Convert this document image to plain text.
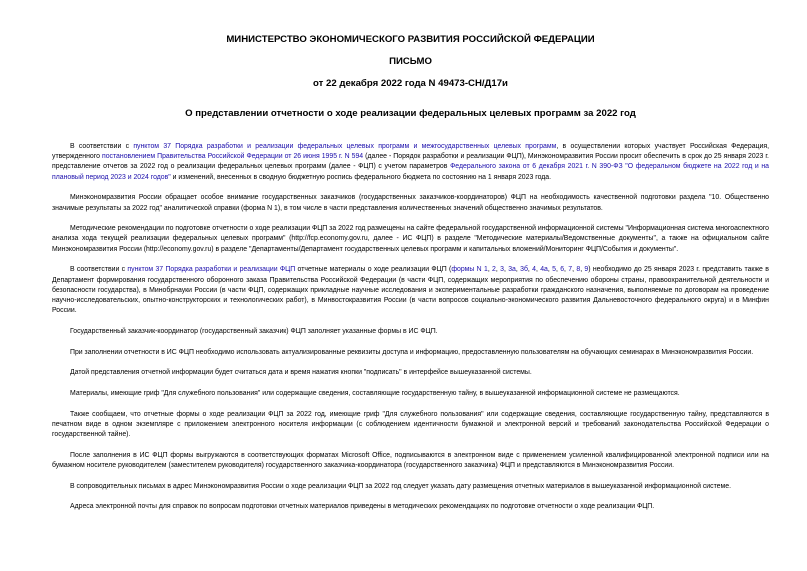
МИНИСТЕРСТВО ЭКОНОМИЧЕСКОГО РАЗВИТИЯ РОССИЙСКОЙ ФЕДЕРАЦИИ
ПИСЬМО
от 22 декабря 2022 года N 49473-СН/Д17и
О представлении отчетности о ходе реализации федеральных целевых программ за 2022 год

В соответствии с пунктом 37 Порядка разработки и реализации федеральных целевых программ и межгосударственных целевых программ, в осуществлении которых участвует Российская Федерация, утвержденного постановлением Правительства Российской Федерации от 26 июня 1995 г. N 594 (далее - Порядок разработки и реализации ФЦП), Минэкономразвития России просит обеспечить в срок до 25 января 2023 г. представление отчетов за 2022 год о реализации федеральных целевых программ (далее - ФЦП) с учетом параметров Федерального закона от 6 декабря 2021 г. N 390-ФЗ "О федеральном бюджете на 2022 год и на плановый период 2023 и 2024 годов" и изменений, внесенных в сводную бюджетную роспись федерального бюджета по состоянию на 1 января 2023 года.

Минэкономразвития России обращает особое внимание государственных заказчиков (государственных заказчиков-координаторов) ФЦП на необходимость качественной подготовки раздела "10. Общественно значимые результаты за 2022 год" аналитической справки (форма N 1), в том числе в части представления количественных значений общественно значимых результатов.

Методические рекомендации по подготовке отчетности о ходе реализации ФЦП за 2022 год размещены на сайте федеральной государственной информационной системы "Информационная система многоаспектного анализа хода текущей реализации федеральных целевых программ" (http://fcp.economy.gov.ru, далее - ИС ФЦП) в разделе "Методические материалы/Ведомственные документы", а также на официальном сайте Минэкономразвития России (http://economy.gov.ru) в разделе "Департаменты/Департамент государственных целевых программ и капитальных вложений/Мониторинг ФЦП/События и документы".

В соответствии с пунктом 37 Порядка разработки и реализации ФЦП отчетные материалы о ходе реализации ФЦП (формы N 1, 2, 3, 3а, 3б, 4, 4а, 5, 6, 7, 8, 9) необходимо до 25 января 2023 г. представить также в Департамент формирования государственного оборонного заказа Правительства Российской Федерации (в части ФЦП, содержащих мероприятия по обеспечению обороны страны, правоохранительной деятельности и безопасности государства), в Минобрнауки России (в части ФЦП, содержащих прикладные научные исследования и экспериментальные разработки гражданского назначения, выполняемые по договорам на проведение научно-исследовательских, опытно-конструкторских и технологических работ), в Минвостокразвития России (в части вопросов социально-экономического развития Дальневосточного федерального округа) и в Минфин России.

Государственный заказчик-координатор (государственный заказчик) ФЦП заполняет указанные формы в ИС ФЦП.

При заполнении отчетности в ИС ФЦП необходимо использовать актуализированные реквизиты доступа и информацию, предоставленную пользователям на обучающих семинарах в Минэкономразвития России.

Датой представления отчетной информации будет считаться дата и время нажатия кнопки "подписать" в интерфейсе вышеуказанной системы.

Материалы, имеющие гриф "Для служебного пользования" или содержащие сведения, составляющие государственную тайну, в вышеуказанной информационной системе не размещаются.

Также сообщаем, что отчетные формы о ходе реализации ФЦП за 2022 год, имеющие гриф "Для служебного пользования" или содержащие сведения, составляющие государственную тайну, представляются в печатном виде в одном экземпляре с приложением электронного носителя информации (с соблюдением идентичности бумажной и электронной версий и требований законодательства Российской Федерации о государственной тайне).

После заполнения в ИС ФЦП формы выгружаются в соответствующих форматах Microsoft Office, подписываются в электронном виде с применением усиленной квалифицированной электронной подписи или на бумажном носителе руководителем (заместителем руководителя) государственного заказчика-координатора (государственного заказчика) ФЦП и представляются в Минэкономразвития России.

В сопроводительных письмах в адрес Минэкономразвития России о ходе реализации ФЦП за 2022 год следует указать дату размещения отчетных материалов в вышеуказанной информационной системе.

Адреса электронной почты для справок по вопросам подготовки отчетных материалов приведены в методических рекомендациях по подготовке отчетности о ходе реализации ФЦП.
